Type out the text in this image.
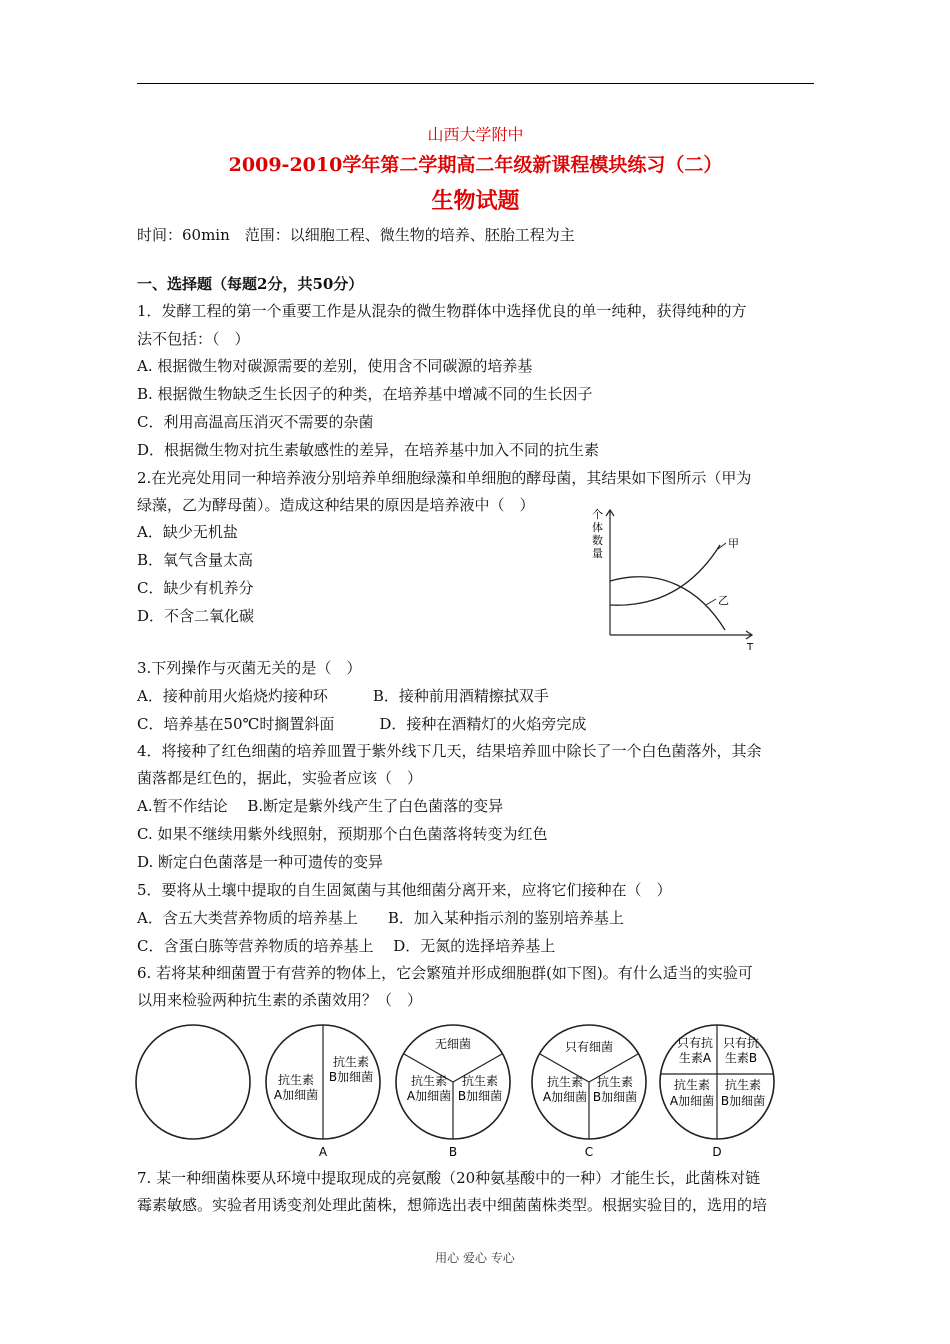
山西大学附中
2009-2010学年第二学期高二年级新课程模块练习（二）
生物试题
时间：60min　范围：以细胞工程、微生物的培养、胚胎工程为主
一、选择题（每题2分，共50分）
1．发酵工程的第一个重要工作是从混杂的微生物群体中选择优良的单一纯种，获得纯种的方
法不包括：（　）
A. 根据微生物对碳源需要的差别，使用含不同碳源的培养基
B. 根据微生物缺乏生长因子的种类，在培养基中增减不同的生长因子
C．利用高温高压消灭不需要的杂菌
D．根据微生物对抗生素敏感性的差异，在培养基中加入不同的抗生素
2.在光亮处用同一种培养液分别培养单细胞绿藻和单细胞的酵母菌，其结果如下图所示（甲为
绿藻，乙为酵母菌）。造成这种结果的原因是培养液中（　）
A．缺少无机盐
B．氧气含量太高
C．缺少有机养分
D．不含二氧化碳
个
体
数
量
T
甲
乙
3.下列操作与灭菌无关的是（　）
A．接种前用火焰烧灼接种环　　　B．接种前用酒精擦拭双手
C．培养基在50℃时搁置斜面　　　D．接种在酒精灯的火焰旁完成
4．将接种了红色细菌的培养皿置于紫外线下几天，结果培养皿中除长了一个白色菌落外，其余
菌落都是红色的，据此，实验者应该（　）
A.暂不作结论　 B.断定是紫外线产生了白色菌落的变异
C. 如果不继续用紫外线照射，预期那个白色菌落将转变为红色
D. 断定白色菌落是一种可遗传的变异
5．要将从土壤中提取的自生固氮菌与其他细菌分离开来，应将它们接种在（　）
A．含五大类营养物质的培养基上　　B．加入某种指示剂的鉴别培养基上
C．含蛋白胨等营养物质的培养基上　 D．无氮的选择培养基上
6. 若将某种细菌置于有营养的物体上，它会繁殖并形成细胞群(如下图)。有什么适当的实验可
以用来检验两种抗生素的杀菌效用？（　）
抗生素
A加细菌
抗生素
B加细菌
A
无细菌
抗生素
A加细菌
抗生素
B加细菌
B
只有细菌
抗生素
A加细菌
抗生素
B加细菌
C
只有抗
生素A
只有抗
生素B
抗生素
A加细菌
抗生素
B加细菌
D
7. 某一种细菌株要从环境中提取现成的亮氨酸（20种氨基酸中的一种）才能生长，此菌株对链
霉素敏感。实验者用诱变剂处理此菌株，想筛选出表中细菌菌株类型。根据实验目的，选用的培
用心 爱心 专心
